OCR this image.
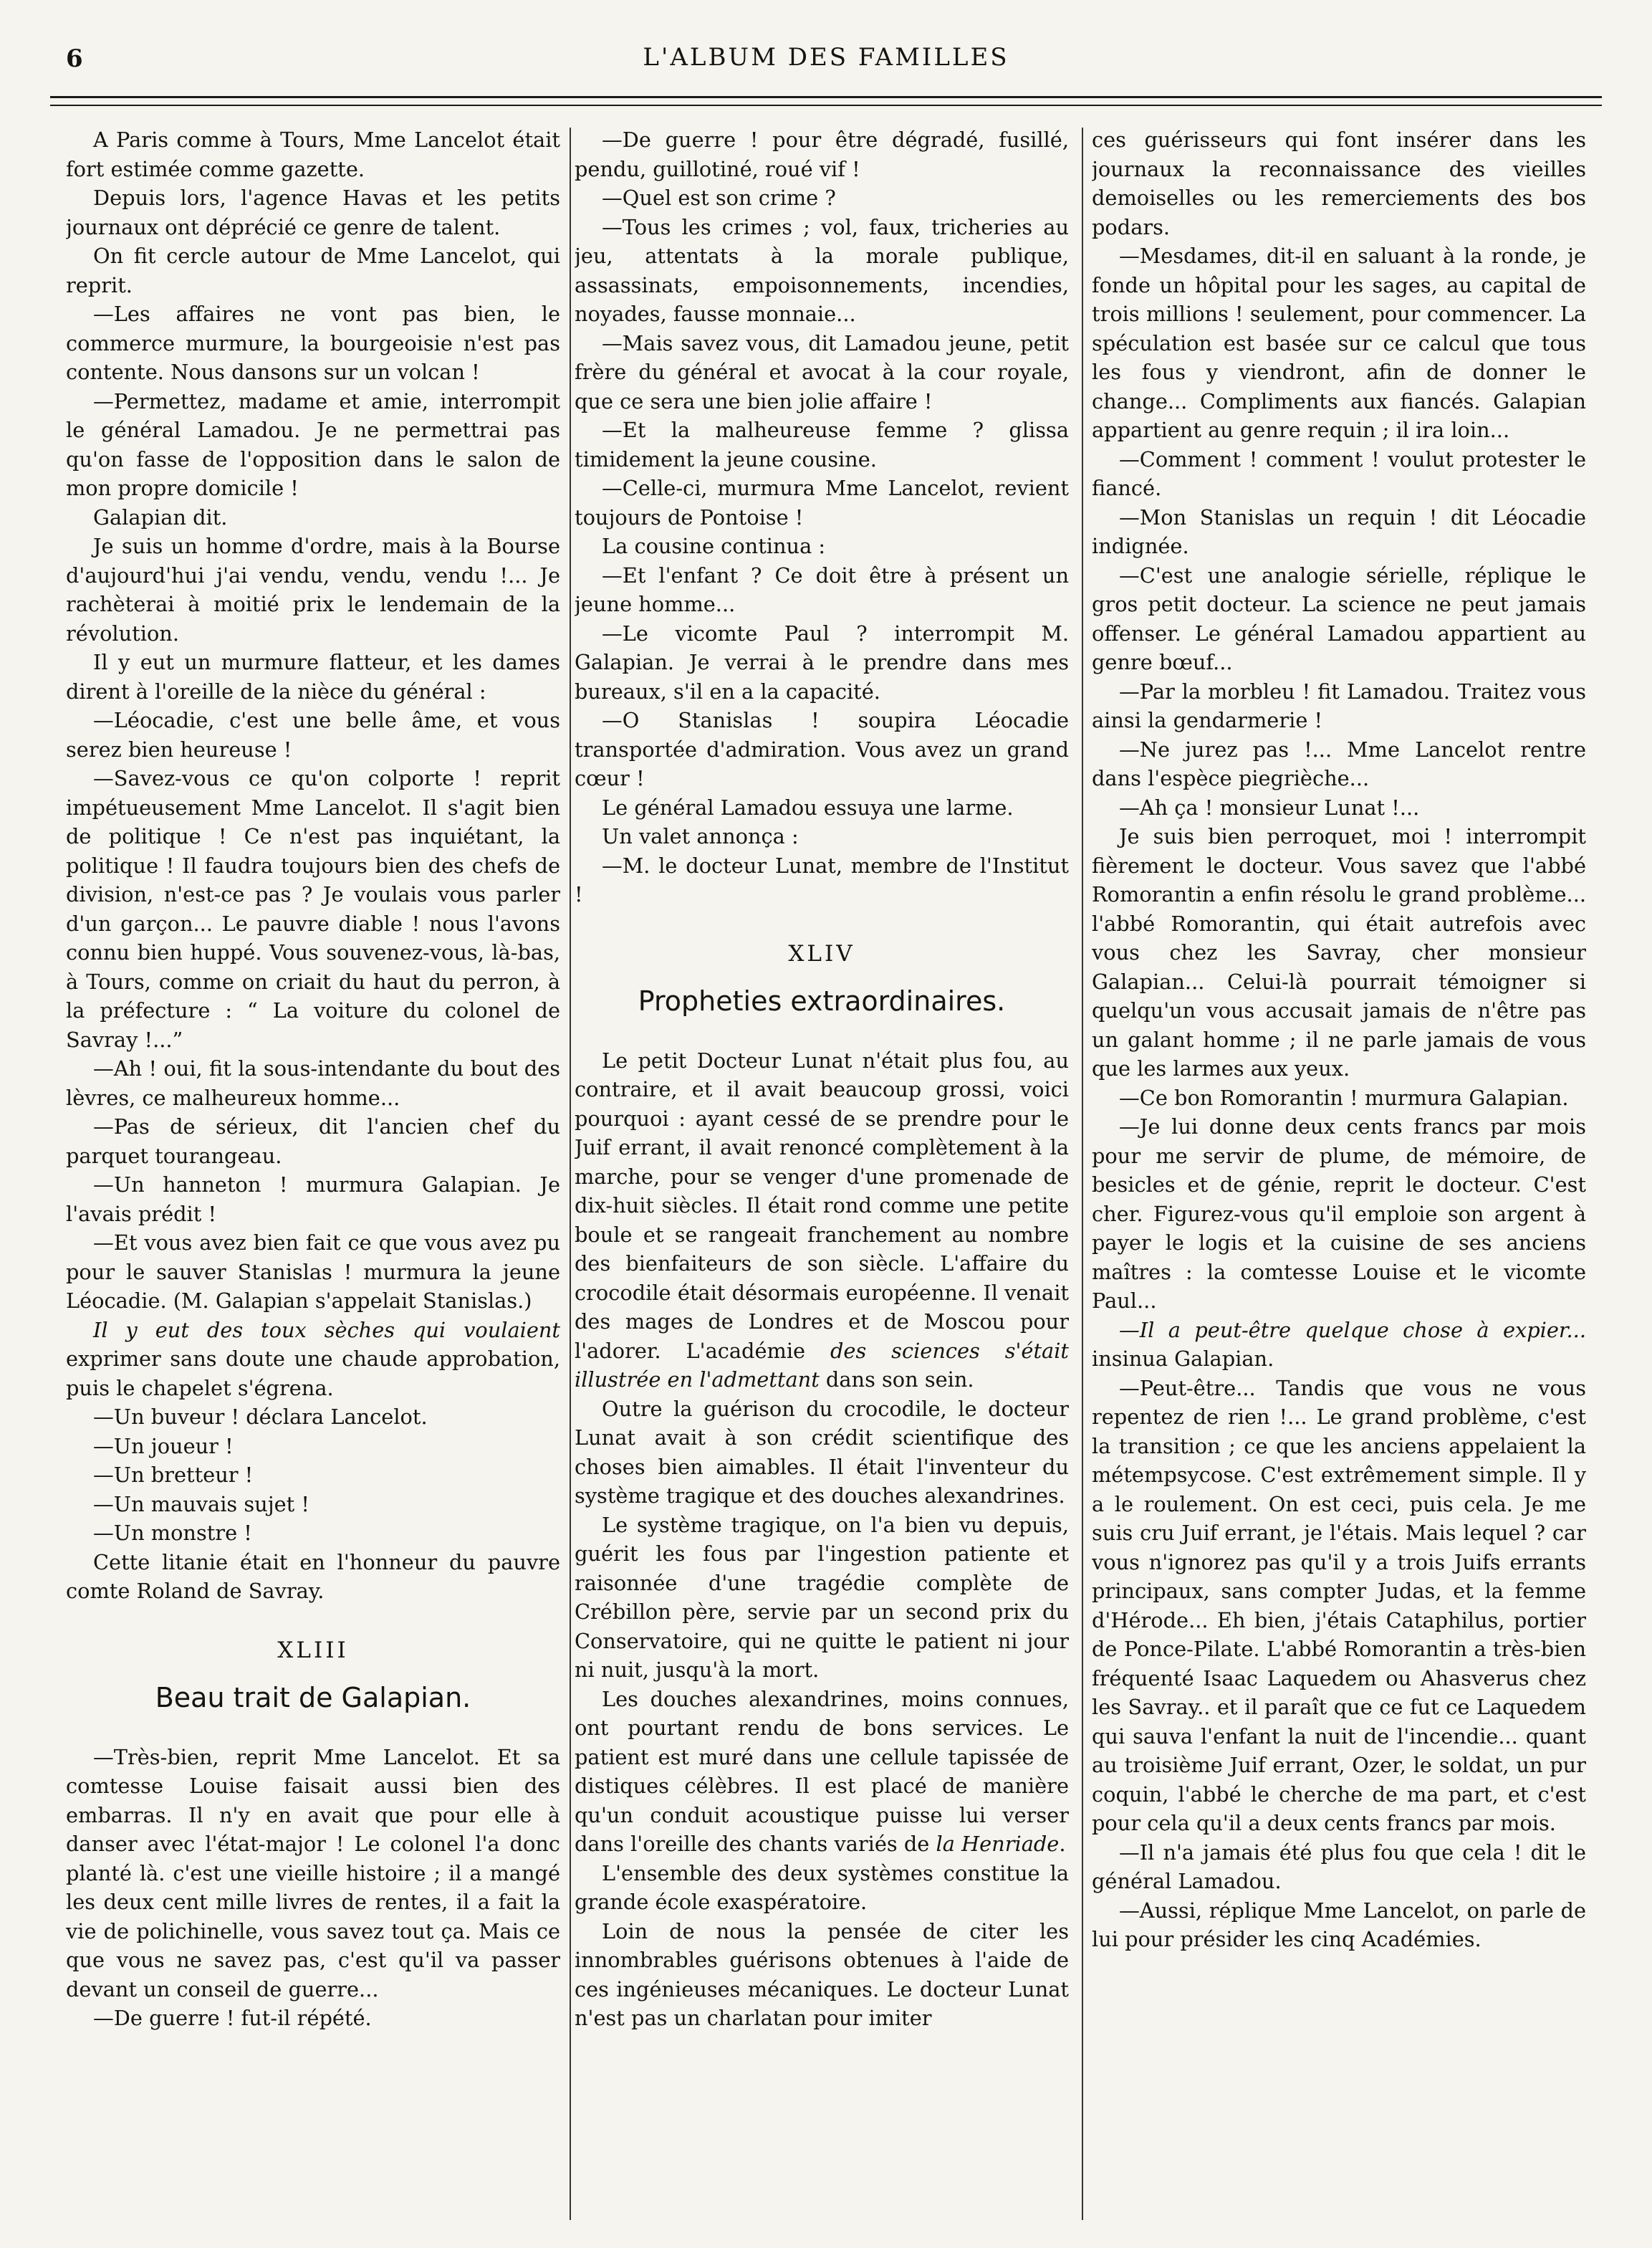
6	L'ALBUM DES FAMILLES

A Paris comme à Tours, Mme Lancelot était fort estimée comme gazette.

Depuis lors, l'agence Havas et les petits journaux ont déprécié ce genre de talent.

On fit cercle autour de Mme Lancelot, qui reprit.

—Les affaires ne vont pas bien, le commerce murmure, la bourgeoisie n'est pas contente. Nous dansons sur un volcan !

—Permettez, madame et amie, interrompit le général Lamadou. Je ne permettrai pas qu'on fasse de l'opposition dans le salon de mon propre domicile !

Galapian dit.

Je suis un homme d'ordre, mais à la Bourse d'aujourd'hui j'ai vendu, vendu, vendu !... Je rachèterai à moitié prix le lendemain de la révolution.

Il y eut un murmure flatteur, et les dames dirent à l'oreille de la nièce du général :

—Léocadie, c'est une belle âme, et vous serez bien heureuse !

—Savez-vous ce qu'on colporte ! reprit impétueusement Mme Lancelot. Il s'agit bien de politique ! Ce n'est pas inquiétant, la politique ! Il faudra toujours bien des chefs de division, n'est-ce pas ? Je voulais vous parler d'un garçon... Le pauvre diable ! nous l'avons connu bien huppé. Vous souvenez-vous, là-bas, à Tours, comme on criait du haut du perron, à la préfecture : “ La voiture du colonel de Savray !...”

—Ah ! oui, fit la sous-intendante du bout des lèvres, ce malheureux homme...

—Pas de sérieux, dit l'ancien chef du parquet tourangeau.

—Un hanneton ! murmura Galapian. Je l'avais prédit !

—Et vous avez bien fait ce que vous avez pu pour le sauver Stanislas ! murmura la jeune Léocadie. (M. Galapian s'appelait Stanislas.)

Il y eut des toux sèches qui voulaient exprimer sans doute une chaude approbation, puis le chapelet s'égrena.

—Un buveur ! déclara Lancelot.

—Un joueur !

—Un bretteur !

—Un mauvais sujet !

—Un monstre !

Cette litanie était en l'honneur du pauvre comte Roland de Savray.

XLIII
Beau trait de Galapian.

—Très-bien, reprit Mme Lancelot. Et sa comtesse Louise faisait aussi bien des embarras. Il n'y en avait que pour elle à danser avec l'état-major ! Le colonel l'a donc planté là. c'est une vieille histoire ; il a mangé les deux cent mille livres de rentes, il a fait la vie de polichinelle, vous savez tout ça. Mais ce que vous ne savez pas, c'est qu'il va passer devant un conseil de guerre...

—De guerre ! fut-il répété.

—De guerre ! pour être dégradé, fusillé, pendu, guillotiné, roué vif !

—Quel est son crime ?

—Tous les crimes ; vol, faux, tricheries au jeu, attentats à la morale publique, assassinats, empoisonnements, incendies, noyades, fausse monnaie...

—Mais savez vous, dit Lamadou jeune, petit frère du général et avocat à la cour royale, que ce sera une bien jolie affaire !

—Et la malheureuse femme ? glissa timidement la jeune cousine.

—Celle-ci, murmura Mme Lancelot, revient toujours de Pontoise !

La cousine continua :

—Et l'enfant ? Ce doit être à présent un jeune homme...

—Le vicomte Paul ? interrompit M. Galapian. Je verrai à le prendre dans mes bureaux, s'il en a la capacité.

—O Stanislas ! soupira Léocadie transportée d'admiration. Vous avez un grand cœur !

Le général Lamadou essuya une larme.

Un valet annonça :

—M. le docteur Lunat, membre de l'Institut !

XLIV
Propheties extraordinaires.

Le petit Docteur Lunat n'était plus fou, au contraire, et il avait beaucoup grossi, voici pourquoi : ayant cessé de se prendre pour le Juif errant, il avait renoncé complètement à la marche, pour se venger d'une promenade de dix-huit siècles. Il était rond comme une petite boule et se rangeait franchement au nombre des bienfaiteurs de son siècle. L'affaire du crocodile était désormais européenne. Il venait des mages de Londres et de Moscou pour l'adorer. L'académie des sciences s'était illustrée en l'admettant dans son sein.

Outre la guérison du crocodile, le docteur Lunat avait à son crédit scientifique des choses bien aimables. Il était l'inventeur du système tragique et des douches alexandrines.

Le système tragique, on l'a bien vu depuis, guérit les fous par l'ingestion patiente et raisonnée d'une tragédie complète de Crébillon père, servie par un second prix du Conservatoire, qui ne quitte le patient ni jour ni nuit, jusqu'à la mort.

Les douches alexandrines, moins connues, ont pourtant rendu de bons services. Le patient est muré dans une cellule tapissée de distiques célèbres. Il est placé de manière qu'un conduit acoustique puisse lui verser dans l'oreille des chants variés de la Henriade.

L'ensemble des deux systèmes constitue la grande école exaspératoire.

Loin de nous la pensée de citer les innombrables guérisons obtenues à l'aide de ces ingénieuses mécaniques. Le docteur Lunat n'est pas un charlatan pour imiter

ces guérisseurs qui font insérer dans les journaux la reconnaissance des vieilles demoiselles ou les remerciements des bos podars.

—Mesdames, dit-il en saluant à la ronde, je fonde un hôpital pour les sages, au capital de trois millions ! seulement, pour commencer. La spéculation est basée sur ce calcul que tous les fous y viendront, afin de donner le change... Compliments aux fiancés. Galapian appartient au genre requin ; il ira loin...

—Comment ! comment ! voulut protester le fiancé.

—Mon Stanislas un requin ! dit Léocadie indignée.

—C'est une analogie sérielle, réplique le gros petit docteur. La science ne peut jamais offenser. Le général Lamadou appartient au genre bœuf...

—Par la morbleu ! fit Lamadou. Traitez vous ainsi la gendarmerie !

—Ne jurez pas !... Mme Lancelot rentre dans l'espèce piegrièche...

—Ah ça ! monsieur Lunat !...

Je suis bien perroquet, moi ! interrompit fièrement le docteur. Vous savez que l'abbé Romorantin a enfin résolu le grand problème... l'abbé Romorantin, qui était autrefois avec vous chez les Savray, cher monsieur Galapian... Celui-là pourrait témoigner si quelqu'un vous accusait jamais de n'être pas un galant homme ; il ne parle jamais de vous que les larmes aux yeux.

—Ce bon Romorantin ! murmura Galapian.

—Je lui donne deux cents francs par mois pour me servir de plume, de mémoire, de besicles et de génie, reprit le docteur. C'est cher. Figurez-vous qu'il emploie son argent à payer le logis et la cuisine de ses anciens maîtres : la comtesse Louise et le vicomte Paul...

—Il a peut-être quelque chose à expier... insinua Galapian.

—Peut-être... Tandis que vous ne vous repentez de rien !... Le grand problème, c'est la transition ; ce que les anciens appelaient la métempsycose. C'est extrêmement simple. Il y a le roulement. On est ceci, puis cela. Je me suis cru Juif errant, je l'étais. Mais lequel ? car vous n'ignorez pas qu'il y a trois Juifs errants principaux, sans compter Judas, et la femme d'Hérode... Eh bien, j'étais Cataphilus, portier de Ponce-Pilate. L'abbé Romorantin a très-bien fréquenté Isaac Laquedem ou Ahasverus chez les Savray.. et il paraît que ce fut ce Laquedem qui sauva l'enfant la nuit de l'incendie... quant au troisième Juif errant, Ozer, le soldat, un pur coquin, l'abbé le cherche de ma part, et c'est pour cela qu'il a deux cents francs par mois.

—Il n'a jamais été plus fou que cela ! dit le général Lamadou.

—Aussi, réplique Mme Lancelot, on parle de lui pour présider les cinq Académies.
